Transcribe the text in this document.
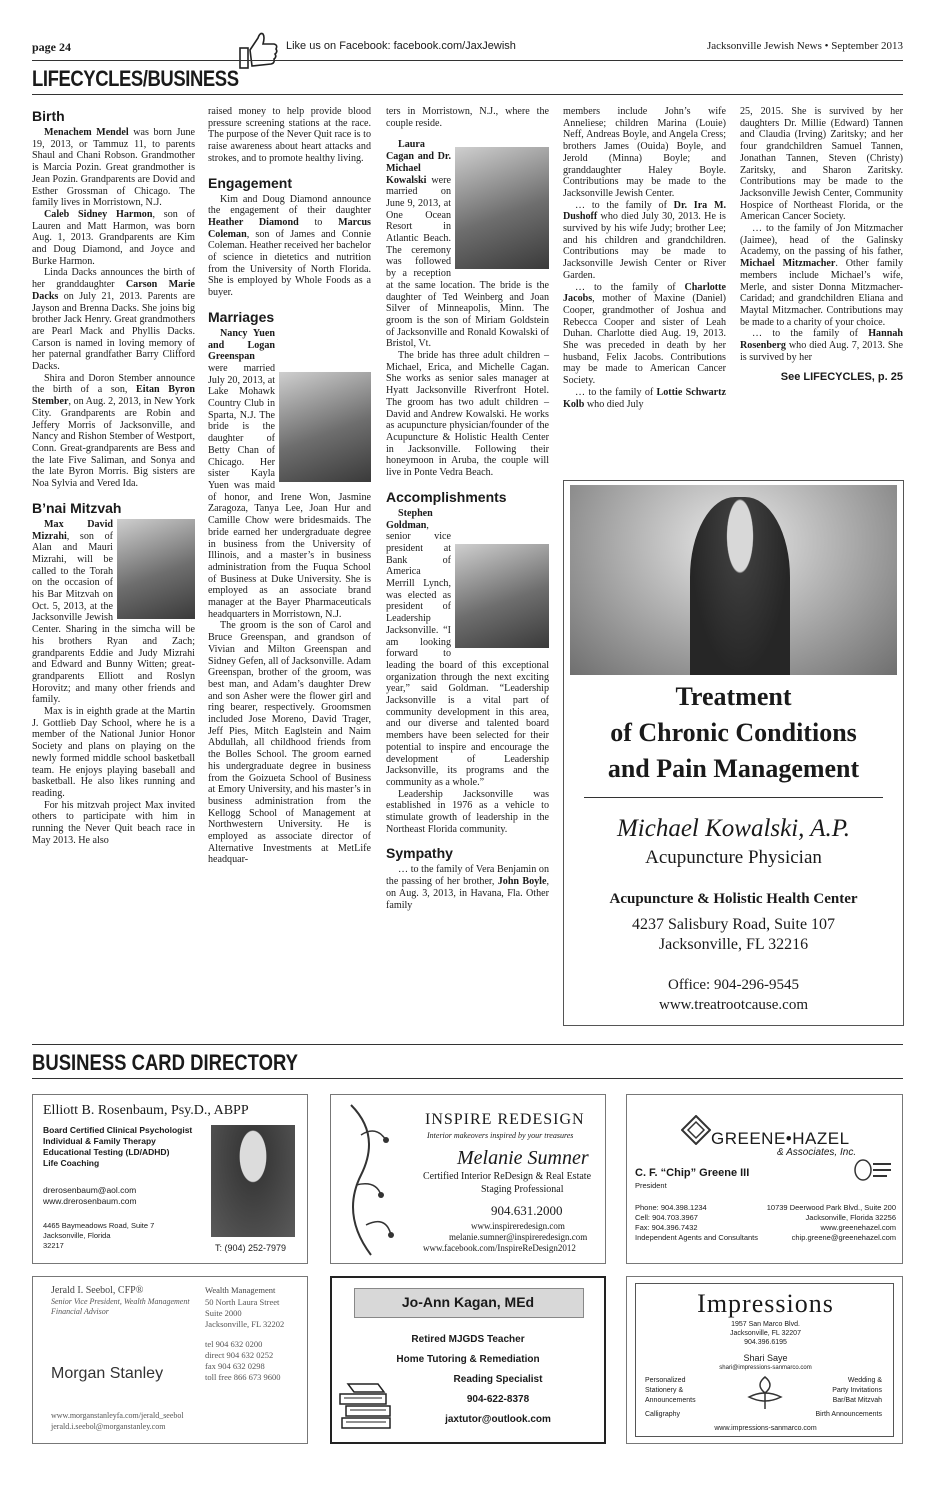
page 24	Like us on Facebook: facebook.com/JaxJewish	Jacksonville Jewish News • September 2013
LIFECYCLES/BUSINESS
Birth

Menachem Mendel was born June 19, 2013, or Tammuz 11, to parents Shaul and Chani Robson. Grandmother is Marcia Pozin. Great grandmother is Jean Pozin. Grandparents are Dovid and Esther Grossman of Chicago. The family lives in Morristown, N.J.

Caleb Sidney Harmon, son of Lauren and Matt Harmon, was born Aug. 1, 2013. Grandparents are Kim and Doug Diamond, and Joyce and Burke Harmon.

Linda Dacks announces the birth of her granddaughter Carson Marie Dacks on July 21, 2013. Parents are Jayson and Brenna Dacks. She joins big brother Jack Henry. Great grandmothers are Pearl Mack and Phyllis Dacks. Carson is named in loving memory of her paternal grandfather Barry Clifford Dacks.

Shira and Doron Stember announce the birth of a son, Eitan Byron Stember, on Aug. 2, 2013, in New York City. Grandparents are Robin and Jeffery Morris of Jacksonville, and Nancy and Rishon Stember of Westport, Conn. Great-grandparents are Bess and the late Five Saliman, and Sonya and the late Byron Morris. Big sisters are Noa Sylvia and Vered Ida.

B’nai Mitzvah

Max David Mizrahi, son of Alan and Mauri Mizrahi, will be called to the Torah on the occasion of his Bar Mitzvah on Oct. 5, 2013, at the Jacksonville Jewish Center. Sharing in the simcha will be his brothers Ryan and Zach; grandparents Eddie and Judy Mizrahi and Edward and Bunny Witten; great-grandparents Elliott and Roslyn Horovitz; and many other friends and family.

Max is in eighth grade at the Martin J. Gottlieb Day School, where he is a member of the National Junior Honor Society and plans on playing on the newly formed middle school basketball team. He enjoys playing baseball and basketball. He also likes running and reading.

For his mitzvah project Max invited others to participate with him in running the Never Quit beach race in May 2013. He also

raised money to help provide blood pressure screening stations at the race. The purpose of the Never Quit race is to raise awareness about heart attacks and strokes, and to promote healthy living.

Engagement

Kim and Doug Diamond announce the engagement of their daughter Heather Diamond to Marcus Coleman, son of James and Connie Coleman. Heather received her bachelor of science in dietetics and nutrition from the University of North Florida. She is employed by Whole Foods as a buyer.

Marriages

Nancy Yuen and Logan Greenspan were married July 20, 2013, at Lake Mohawk Country Club in Sparta, N.J. The bride is the daughter of Betty Chan of Chicago. Her sister Kayla Yuen was maid of honor, and Irene Won, Jasmine Zaragoza, Tanya Lee, Joan Hur and Camille Chow were bridesmaids. The bride earned her undergraduate degree in business from the University of Illinois, and a master’s in business administration from the Fuqua School of Business at Duke University. She is employed as an associate brand manager at the Bayer Pharmaceuticals headquarters in Morristown, N.J.

The groom is the son of Carol and Bruce Greenspan, and grandson of Vivian and Milton Greenspan and Sidney Gefen, all of Jacksonville. Adam Greenspan, brother of the groom, was best man, and Adam’s daughter Drew and son Asher were the flower girl and ring bearer, respectively. Groomsmen included Jose Moreno, David Trager, Jeff Pies, Mitch Eaglstein and Naim Abdullah, all childhood friends from the Bolles School. The groom earned his undergraduate degree in business from the Goizueta School of Business at Emory University, and his master’s in business administration from the Kellogg School of Management at Northwestern University. He is employed as associate director of Alternative Investments at MetLife headquar-

ters in Morristown, N.J., where the couple reside.

Laura Cagan and Dr. Michael Kowalski were married on June 9, 2013, at One Ocean Resort in Atlantic Beach. The ceremony was followed by a reception at the same location. The bride is the daughter of Ted Weinberg and Joan Silver of Minneapolis, Minn. The groom is the son of Miriam Goldstein of Jacksonville and Ronald Kowalski of Bristol, Vt.

The bride has three adult children – Michael, Erica, and Michelle Cagan. She works as senior sales manager at Hyatt Jacksonville Riverfront Hotel. The groom has two adult children – David and Andrew Kowalski. He works as acupuncture physician/founder of the Acupuncture & Holistic Health Center in Jacksonville. Following their honeymoon in Aruba, the couple will live in Ponte Vedra Beach.

Accomplishments

Stephen Goldman, senior vice president at Bank of America Merrill Lynch, was elected as president of Leadership Jacksonville. “I am looking forward to leading the board of this exceptional organization through the next exciting year,” said Goldman. “Leadership Jacksonville is a vital part of community development in this area, and our diverse and talented board members have been selected for their potential to inspire and encourage the development of Leadership Jacksonville, its programs and the community as a whole.”

Leadership Jacksonville was established in 1976 as a vehicle to stimulate growth of leadership in the Northeast Florida community.

Sympathy

… to the family of Vera Benjamin on the passing of her brother, John Boyle, on Aug. 3, 2013, in Havana, Fla. Other family

members include John’s wife Anneliese; children Marina (Louie) Neff, Andreas Boyle, and Angela Cress; brothers James (Ouida) Boyle, and Jerold (Minna) Boyle; and granddaughter Haley Boyle. Contributions may be made to the Jacksonville Jewish Center.

… to the family of Dr. Ira M. Dushoff who died July 30, 2013. He is survived by his wife Judy; brother Lee; and his children and grandchildren. Contributions may be made to Jacksonville Jewish Center or River Garden.

… to the family of Charlotte Jacobs, mother of Maxine (Daniel) Cooper, grandmother of Joshua and Rebecca Cooper and sister of Leah Duhan. Charlotte died Aug. 19, 2013. She was preceded in death by her husband, Felix Jacobs. Contributions may be made to American Cancer Society.

… to the family of Lottie Schwartz Kolb who died July

25, 2015. She is survived by her daughters Dr. Millie (Edward) Tannen and Claudia (Irving) Zaritsky; and her four grandchildren Samuel Tannen, Jonathan Tannen, Steven (Christy) Zaritsky, and Sharon Zaritsky. Contributions may be made to the Jacksonville Jewish Center, Community Hospice of Northeast Florida, or the American Cancer Society.

… to the family of Jon Mitzmacher (Jaimee), head of the Galinsky Academy, on the passing of his father, Michael Mitzmacher. Other family members include Michael’s wife, Merle, and sister Donna Mitzmacher-Caridad; and grandchildren Eliana and Maytal Mitzmacher. Contributions may be made to a charity of your choice.

… to the family of Hannah Rosenberg who died Aug. 7, 2013. She is survived by her

See LIFECYCLES, p. 25
Treatment
of Chronic Conditions
and Pain Management
Michael Kowalski, A.P.
Acupuncture Physician
Acupuncture & Holistic Health Center
4237 Salisbury Road, Suite 107
Jacksonville, FL 32216
Office: 904-296-9545
www.treatrootcause.com
BUSINESS CARD DIRECTORY
Elliott B. Rosenbaum, Psy.D., ABPP
Board Certified Clinical Psychologist
Individual & Family Therapy
Educational Testing (LD/ADHD)
Life Coaching
drerosenbaum@aol.com
www.drerosenbaum.com
4465 Baymeadows Road, Suite 7
Jacksonville, Florida
32217	T: (904) 252-7979
INSPIRE REDESIGN
Interior makeovers inspired by your treasures
Melanie Sumner
Certified Interior ReDesign & Real Estate
Staging Professional
904.631.2000
www.inspireredesign.com
melanie.sumner@inspireredesign.com
www.facebook.com/InspireReDesign2012
GREENE•HAZEL
& Associates, Inc.
C. F. “Chip” Greene III
President
Phone: 904.398.1234
Cell: 904.703.3967
Fax: 904.396.7432
Independent Agents and Consultants
10739 Deerwood Park Blvd., Suite 200
Jacksonville, Florida 32256
www.greenehazel.com
chip.greene@greenehazel.com
Jerald I. Seebol, CFP®
Senior Vice President, Wealth Management
Financial Advisor
Morgan Stanley
Wealth Management
50 North Laura Street
Suite 2000
Jacksonville, FL 32202
tel 904 632 0200
direct 904 632 0252
fax 904 632 0298
toll free 866 673 9600
www.morganstanleyfa.com/jerald_seebol
jerald.i.seebol@morganstanley.com
Jo-Ann Kagan, MEd
Retired MJGDS Teacher
Home Tutoring & Remediation
Reading Specialist
904-622-8378
jaxtutor@outlook.com
Impressions
1957 San Marco Blvd.
Jacksonville, FL 32207
904.396.6195
Shari Saye
shari@impressions-sanmarco.com
Personalized
Stationery &
Announcements
Calligraphy
Wedding &
Party Invitations
Bar/Bat Mitzvah
Birth Announcements
www.impressions-sanmarco.com
